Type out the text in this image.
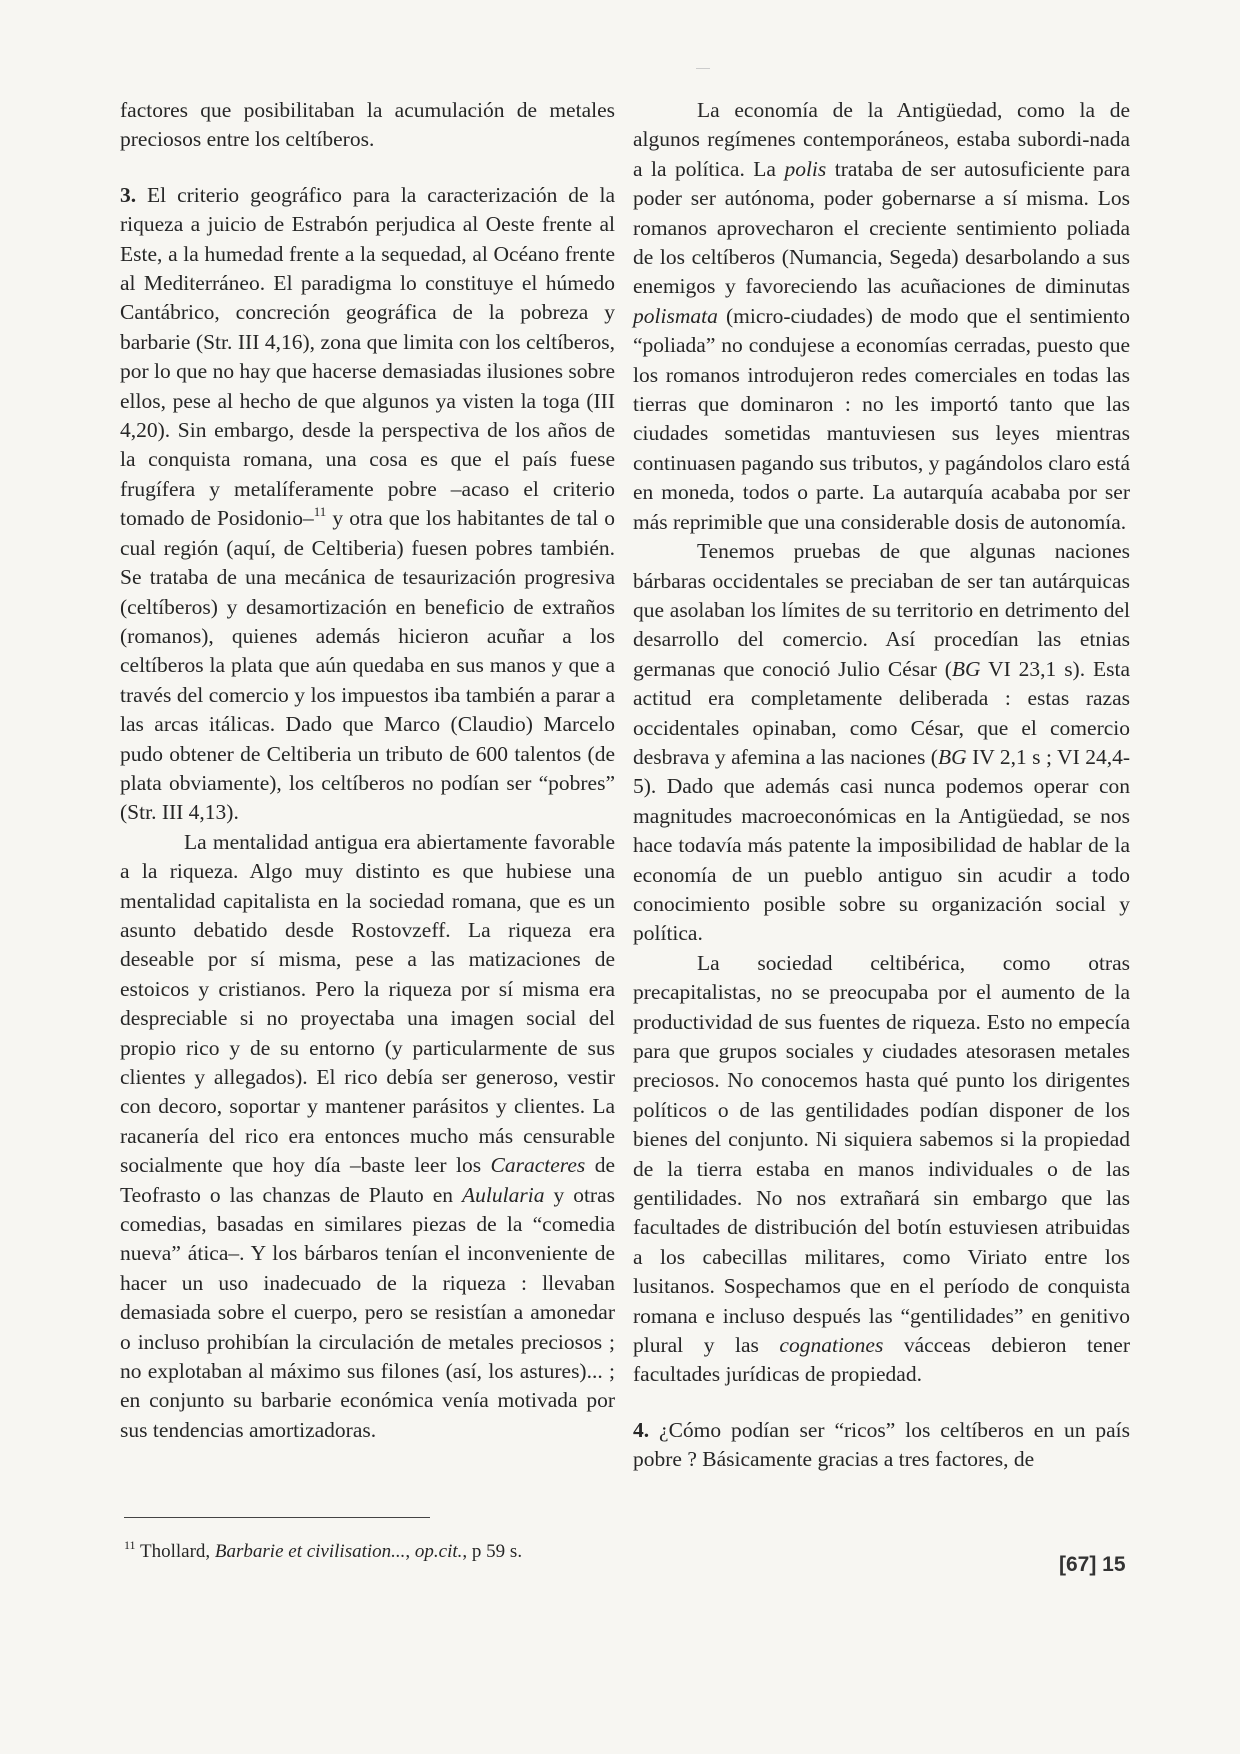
factores que posibilitaban la acumulación de metales preciosos entre los celtíberos.

3. El criterio geográfico para la caracterización de la riqueza a juicio de Estrabón perjudica al Oeste frente al Este, a la humedad frente a la sequedad, al Océano frente al Mediterráneo. El paradigma lo constituye el húmedo Cantábrico, concreción geográfica de la pobreza y barbarie (Str. III 4,16), zona que limita con los celtíberos, por lo que no hay que hacerse demasiadas ilusiones sobre ellos, pese al hecho de que algunos ya visten la toga (III 4,20). Sin embargo, desde la perspectiva de los años de la conquista romana, una cosa es que el país fuese frugífera y metalíferamente pobre –acaso el criterio tomado de Posidonio–$^{11}$ y otra que los habitantes de tal o cual región (aquí, de Celtiberia) fuesen pobres también. Se trataba de una mecánica de tesaurización progresiva (celtíberos) y desamortización en beneficio de extraños (romanos), quienes además hicieron acuñar a los celtíberos la plata que aún quedaba en sus manos y que a través del comercio y los impuestos iba también a parar a las arcas itálicas. Dado que Marco (Claudio) Marcelo pudo obtener de Celtiberia un tributo de 600 talentos (de plata obviamente), los celtíberos no podían ser “pobres” (Str. III 4,13).

La mentalidad antigua era abiertamente favorable a la riqueza. Algo muy distinto es que hubiese una mentalidad capitalista en la sociedad romana, que es un asunto debatido desde Rostovzeff. La riqueza era deseable por sí misma, pese a las matizaciones de estoicos y cristianos. Pero la riqueza por sí misma era despreciable si no proyectaba una imagen social del propio rico y de su entorno (y particularmente de sus clientes y allegados). El rico debía ser generoso, vestir con decoro, soportar y mantener parásitos y clientes. La racanería del rico era entonces mucho más censurable socialmente que hoy día –baste leer los Caracteres de Teofrasto o las chanzas de Plauto en Aulularia y otras comedias, basadas en similares piezas de la “comedia nueva” ática–. Y los bárbaros tenían el inconveniente de hacer un uso inadecuado de la riqueza : llevaban demasiada sobre el cuerpo, pero se resistían a amonedar o incluso prohibían la circulación de metales preciosos ; no explotaban al máximo sus filones (así, los astures)... ; en conjunto su barbarie económica venía motivada por sus tendencias amortizadoras.

La economía de la Antigüedad, como la de algunos regímenes contemporáneos, estaba subordi-nada a la política. La polis trataba de ser autosuficiente para poder ser autónoma, poder gobernarse a sí misma. Los romanos aprovecharon el creciente sentimiento poliada de los celtíberos (Numancia, Segeda) desarbolando a sus enemigos y favoreciendo las acuñaciones de diminutas polismata (micro-ciudades) de modo que el sentimiento “poliada” no condujese a economías cerradas, puesto que los romanos introdujeron redes comerciales en todas las tierras que dominaron : no les importó tanto que las ciudades sometidas mantuviesen sus leyes mientras continuasen pagando sus tributos, y pagándolos claro está en moneda, todos o parte. La autarquía acababa por ser más reprimible que una considerable dosis de autonomía.

Tenemos pruebas de que algunas naciones bárbaras occidentales se preciaban de ser tan autárquicas que asolaban los límites de su territorio en detrimento del desarrollo del comercio. Así procedían las etnias germanas que conoció Julio César (BG VI 23,1 s). Esta actitud era completamente deliberada : estas razas occidentales opinaban, como César, que el comercio desbrava y afemina a las naciones (BG IV 2,1 s ; VI 24,4-5). Dado que además casi nunca podemos operar con magnitudes macroeconómicas en la Antigüedad, se nos hace todavía más patente la imposibilidad de hablar de la economía de un pueblo antiguo sin acudir a todo conocimiento posible sobre su organización social y política.

La sociedad celtibérica, como otras precapitalistas, no se preocupaba por el aumento de la productividad de sus fuentes de riqueza. Esto no empecía para que grupos sociales y ciudades atesorasen metales preciosos. No conocemos hasta qué punto los dirigentes políticos o de las gentilidades podían disponer de los bienes del conjunto. Ni siquiera sabemos si la propiedad de la tierra estaba en manos individuales o de las gentilidades. No nos extrañará sin embargo que las facultades de distribución del botín estuviesen atribuidas a los cabecillas militares, como Viriato entre los lusitanos. Sospechamos que en el período de conquista romana e incluso después las “gentilidades” en genitivo plural y las cognationes vácceas debieron tener facultades jurídicas de propiedad.

4. ¿Cómo podían ser “ricos” los celtíberos en un país pobre ? Básicamente gracias a tres factores, de

$^{11}$ Thollard, Barbarie et civilisation..., op.cit., p 59 s.
[67] 15
